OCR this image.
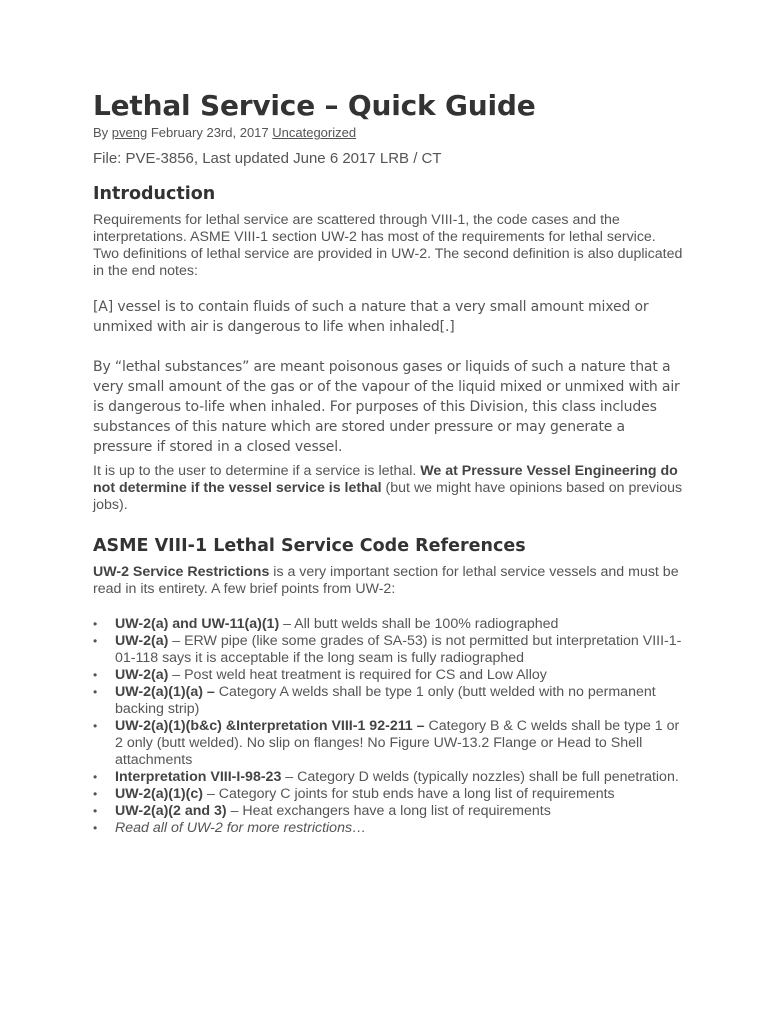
Lethal Service – Quick Guide
By pveng February 23rd, 2017 Uncategorized
File: PVE-3856, Last updated June 6 2017 LRB / CT
Introduction

Requirements for lethal service are scattered through VIII-1, the code cases and the interpretations. ASME VIII-1 section UW-2 has most of the requirements for lethal service. Two definitions of lethal service are provided in UW-2. The second definition is also duplicated in the end notes:

[A] vessel is to contain fluids of such a nature that a very small amount mixed or unmixed with air is dangerous to life when inhaled[.]

By “lethal substances” are meant poisonous gases or liquids of such a nature that a very small amount of the gas or of the vapour of the liquid mixed or unmixed with air is dangerous to-life when inhaled. For purposes of this Division, this class includes substances of this nature which are stored under pressure or may generate a pressure if stored in a closed vessel.

It is up to the user to determine if a service is lethal. We at Pressure Vessel Engineering do not determine if the vessel service is lethal (but we might have opinions based on previous jobs).

ASME VIII-1 Lethal Service Code References

UW-2 Service Restrictions is a very important section for lethal service vessels and must be read in its entirety. A few brief points from UW-2:

• UW-2(a) and UW-11(a)(1) – All butt welds shall be 100% radiographed
• UW-2(a) – ERW pipe (like some grades of SA-53) is not permitted but interpretation VIII-1-01-118 says it is acceptable if the long seam is fully radiographed
• UW-2(a) – Post weld heat treatment is required for CS and Low Alloy
• UW-2(a)(1)(a) – Category A welds shall be type 1 only (butt welded with no permanent backing strip)
• UW-2(a)(1)(b&c) &Interpretation VIII-1 92-211 – Category B & C welds shall be type 1 or 2 only (butt welded). No slip on flanges! No Figure UW-13.2 Flange or Head to Shell attachments
• Interpretation VIII-I-98-23 – Category D welds (typically nozzles) shall be full penetration.
• UW-2(a)(1)(c) – Category C joints for stub ends have a long list of requirements
• UW-2(a)(2 and 3) – Heat exchangers have a long list of requirements
• Read all of UW-2 for more restrictions…
